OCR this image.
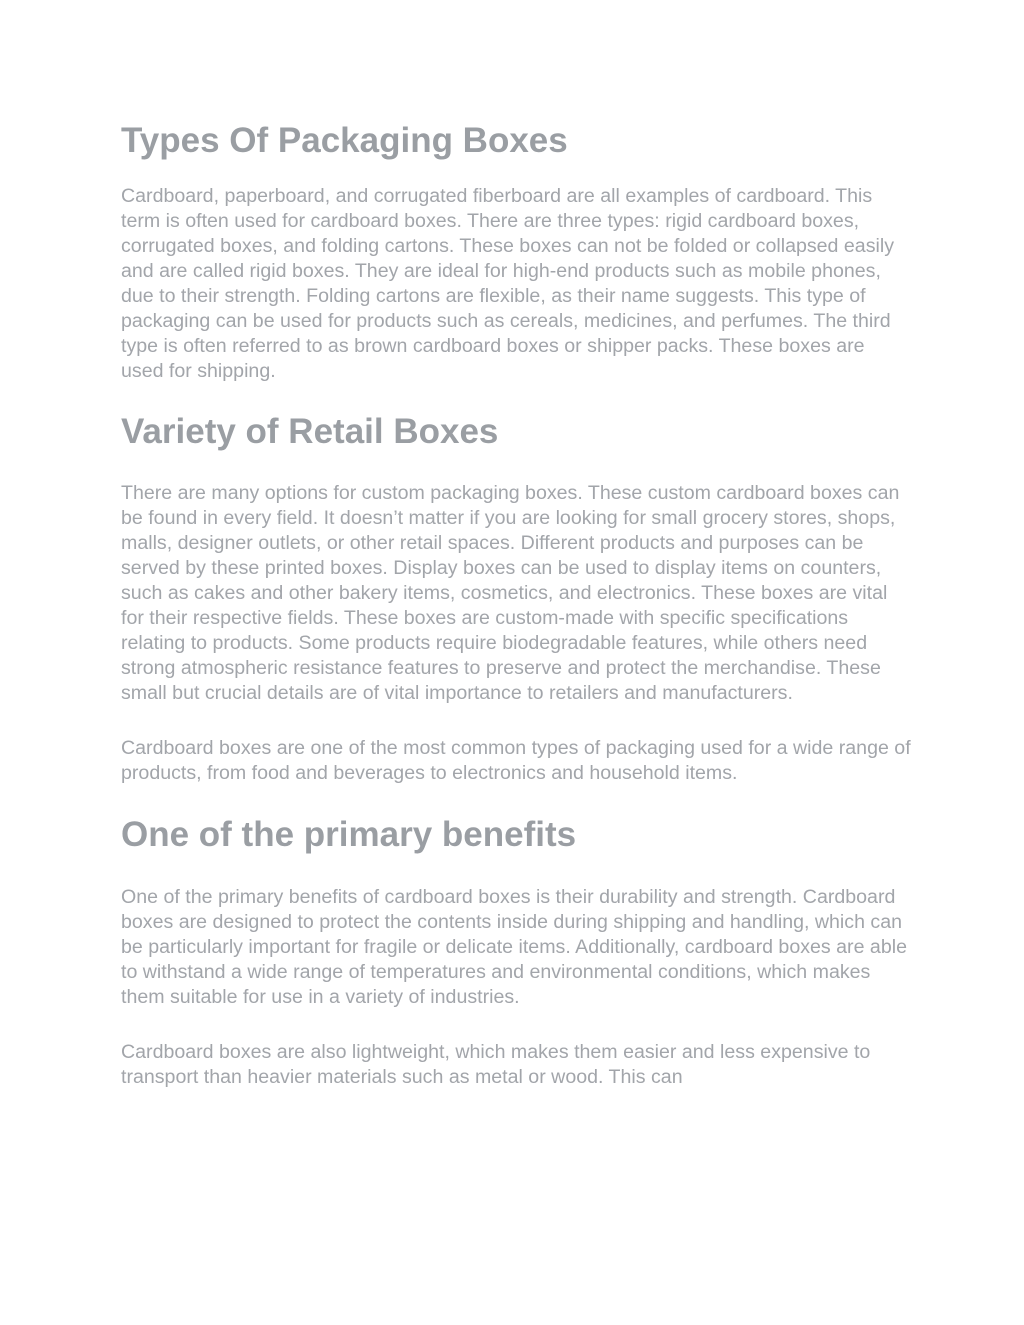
Types Of Packaging Boxes

Cardboard, paperboard, and corrugated fiberboard are all examples of cardboard. This term is often used for cardboard boxes. There are three types: rigid cardboard boxes, corrugated boxes, and folding cartons. These boxes can not be folded or collapsed easily and are called rigid boxes. They are ideal for high-end products such as mobile phones, due to their strength. Folding cartons are flexible, as their name suggests. This type of packaging can be used for products such as cereals, medicines, and perfumes. The third type is often referred to as brown cardboard boxes or shipper packs. These boxes are used for shipping.

Variety of Retail Boxes

There are many options for custom packaging boxes. These custom cardboard boxes can be found in every field. It doesn’t matter if you are looking for small grocery stores, shops, malls, designer outlets, or other retail spaces. Different products and purposes can be served by these printed boxes. Display boxes can be used to display items on counters, such as cakes and other bakery items, cosmetics, and electronics. These boxes are vital for their respective fields. These boxes are custom-made with specific specifications relating to products. Some products require biodegradable features, while others need strong atmospheric resistance features to preserve and protect the merchandise. These small but crucial details are of vital importance to retailers and manufacturers.

Cardboard boxes are one of the most common types of packaging used for a wide range of products, from food and beverages to electronics and household items.

One of the primary benefits

One of the primary benefits of cardboard boxes is their durability and strength. Cardboard boxes are designed to protect the contents inside during shipping and handling, which can be particularly important for fragile or delicate items. Additionally, cardboard boxes are able to withstand a wide range of temperatures and environmental conditions, which makes them suitable for use in a variety of industries.

Cardboard boxes are also lightweight, which makes them easier and less expensive to transport than heavier materials such as metal or wood. This can
